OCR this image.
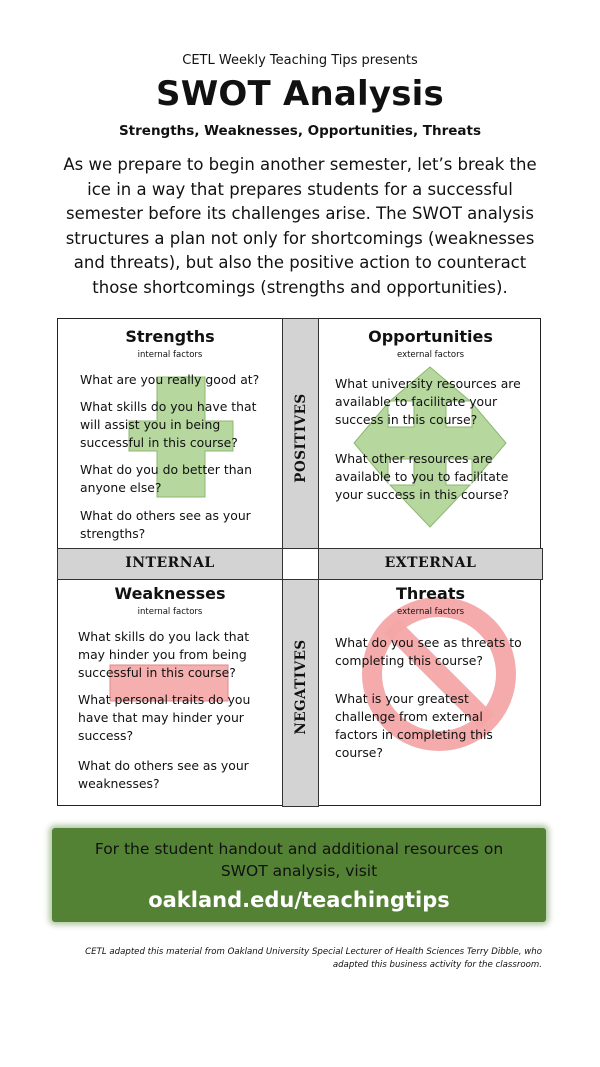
CETL Weekly Teaching Tips presents
SWOT Analysis
Strengths, Weaknesses, Opportunities, Threats
As we prepare to begin another semester, let’s break the
ice in a way that prepares students for a successful
semester before its challenges arise. The SWOT analysis
structures a plan not only for shortcomings (weaknesses
and threats), but also the positive action to counteract
those shortcomings (strengths and opportunities).
INTERNAL	EXTERNAL
POSITIVES
NEGATIVES
Strengths
internal factors
What are you really good at?
What skills do you have that
will assist you in being
successful in this course?
What do you do better than
anyone else?
What do others see as your
strengths?
Opportunities
external factors
What university resources are
available to facilitate your
success in this course?
What other resources are
available to you to facilitate
your success in this course?
Weaknesses
internal factors
What skills do you lack that
may hinder you from being
successful in this course?
What personal traits do you
have that may hinder your
success?
What do others see as your
weaknesses?
Threats
external factors
What do you see as threats to
completing this course?
What is your greatest
challenge from external
factors in completing this
course?
For the student handout and additional resources on
SWOT analysis, visit
oakland.edu/teachingtips
CETL adapted this material from Oakland University Special Lecturer of Health Sciences Terry Dibble, who
adapted this business activity for the classroom.
